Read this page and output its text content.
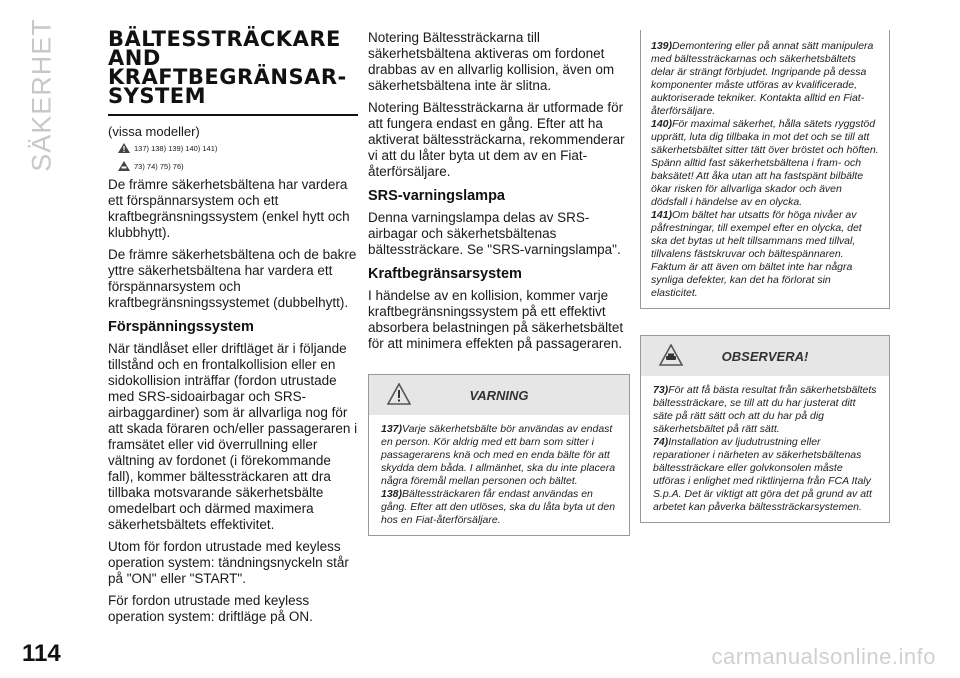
SÄKERHET
114	carmanualsonline.info
BÄLTESSTRÄCKARE
AND
KRAFTBEGRÄNSAR-
SYSTEM
(vissa modeller)
137) 138) 139) 140) 141)
73) 74) 75) 76)

De främre säkerhetsbältena har vardera ett förspännarsystem och ett kraftbegränsningssystem (enkel hytt och klubbhytt).

De främre säkerhetsbältena och de bakre yttre säkerhetsbältena har vardera ett förspännarsystem och kraftbegränsningssystemet (dubbelhytt).

Förspänningssystem

När tändlåset eller driftläget är i följande tillstånd och en frontalkollision eller en sidokollision inträffar (fordon utrustade med SRS-sidoairbagar och SRS-airbaggardiner) som är allvarliga nog för att skada föraren och/eller passageraren i framsätet eller vid överrullning eller vältning av fordonet (i förekommande fall), kommer bältessträckaren att dra tillbaka motsvarande säkerhetsbälte omedelbart och därmed maximera säkerhetsbältets effektivitet.

Utom för fordon utrustade med keyless operation system: tändningsnyckeln står på "ON" eller "START".

För fordon utrustade med keyless operation system: driftläge på ON.

Notering Bältessträckarna till säkerhetsbältena aktiveras om fordonet drabbas av en allvarlig kollision, även om säkerhetsbältena inte är slitna.

Notering Bältessträckarna är utformade för att fungera endast en gång. Efter att ha aktiverat bältessträckarna, rekommenderar vi att du låter byta ut dem av en Fiat-återförsäljare.

SRS-varningslampa

Denna varningslampa delas av SRS-airbagar och säkerhetsbältenas bältessträckare. Se "SRS-varningslampa".

Kraftbegränsarsystem

I händelse av en kollision, kommer varje kraftbegränsningssystem på ett effektivt absorbera belastningen på säkerhetsbältet för att minimera effekten på passageraren.

VARNING

137)Varje säkerhetsbälte bör användas av endast en person. Kör aldrig med ett barn som sitter i passagerarens knä och med en enda bälte för att skydda dem båda. I allmänhet, ska du inte placera några föremål mellan personen och bältet.

138)Bältessträckaren får endast användas en gång. Efter att den utlöses, ska du låta byta ut den hos en Fiat-återförsäljare.

139)Demontering eller på annat sätt manipulera med bältessträckarnas och säkerhetsbältets delar är strängt förbjudet. Ingripande på dessa komponenter måste utföras av kvalificerade, auktoriserade tekniker. Kontakta alltid en Fiat-återförsäljare.

140)För maximal säkerhet, hålla sätets ryggstöd upprätt, luta dig tillbaka in mot det och se till att säkerhetsbältet sitter tätt över bröstet och höften. Spänn alltid fast säkerhetsbältena i fram- och baksätet! Att åka utan att ha fastspänt bilbälte ökar risken för allvarliga skador och även dödsfall i händelse av en olycka.

141)Om bältet har utsatts för höga nivåer av påfrestningar, till exempel efter en olycka, det ska det bytas ut helt tillsammans med tillval, tillvalens fästskruvar och bältespännaren. Faktum är att även om bältet inte har några synliga defekter, kan det ha förlorat sin elasticitet.

OBSERVERA!

73)För att få bästa resultat från säkerhetsbältets bältessträckare, se till att du har justerat ditt säte på rätt sätt och att du har på dig säkerhetsbältet på rätt sätt.

74)Installation av ljudutrustning eller reparationer i närheten av säkerhetsbältenas bältessträckare eller golvkonsolen måste utföras i enlighet med riktlinjerna från FCA Italy S.p.A. Det är viktigt att göra det på grund av att arbetet kan påverka bältessträckarsystemen.
